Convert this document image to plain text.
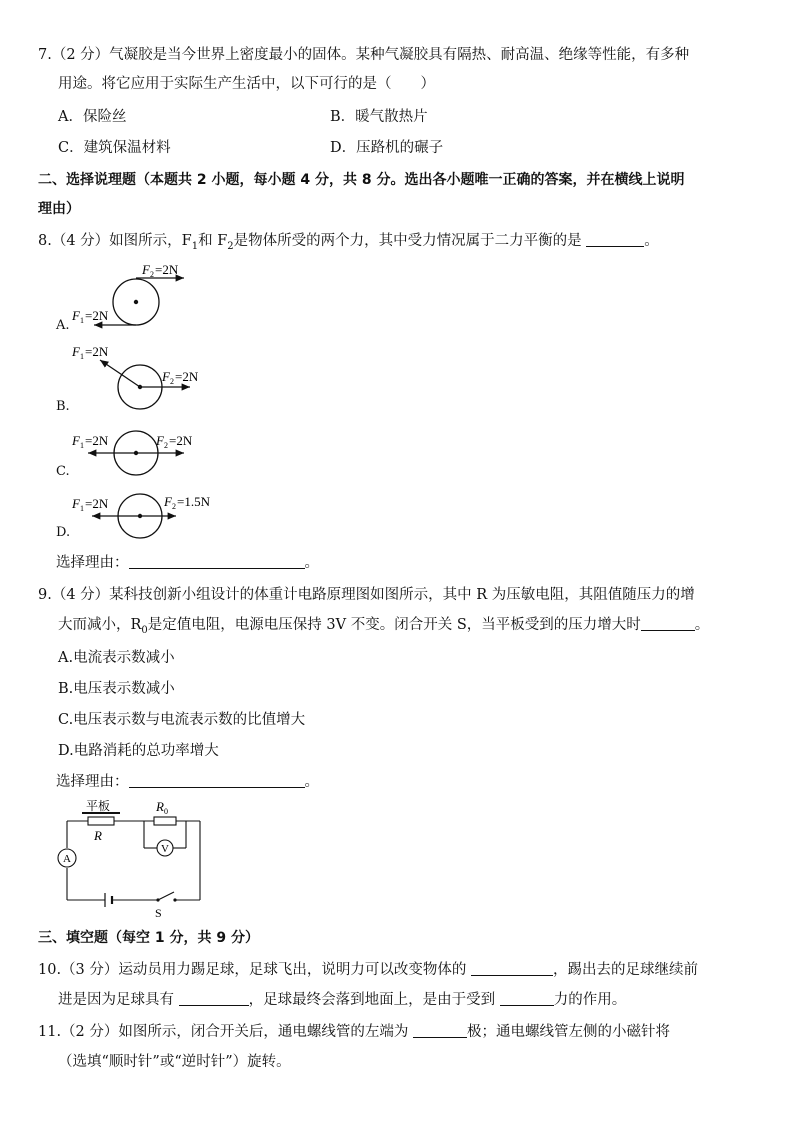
7.（2 分）气凝胶是当今世界上密度最小的固体。某种气凝胶具有隔热、耐高温、绝缘等性能，有多种
用途。将它应用于实际生产生活中，以下可行的是（　　）
A．保险丝	B．暖气散热片
C．建筑保温材料	D．压路机的碾子
二、选择说理题（本题共 2 小题，每小题 4 分，共 8 分。选出各小题唯一正确的答案，并在横线上说明
理由）
8.（4 分）如图所示，$F_1$和 $F_2$是物体所受的两个力，其中受力情况属于二力平衡的是	。
F 2 =2N
F 1 =2N
A.
F 1 =2N
F 2 =2N
B.
F 1 =2N	F 2 =2N
C.
F 1 =2N	F 2 =1.5N
D.
选择理由：	。
9.（4 分）某科技创新小组设计的体重计电路原理图如图所示，其中 R 为压敏电阻，其阻值随压力的增
大而减小，$R_0$是定值电阻，电源电压保持 3V 不变。闭合开关 S，当平板受到的压力增大时	。
A.电流表示数减小
B.电压表示数减小
C.电压表示数与电流表示数的比值增大
D.电路消耗的总功率增大
选择理由：	。
平板
R
R 0
V
A
S
三、填空题（每空 1 分，共 9 分）
10.（3 分）运动员用力踢足球，足球飞出，说明力可以改变物体的	，踢出去的足球继续前
进是因为足球具有	，足球最终会落到地面上，是由于受到	力的作用。
11.（2 分）如图所示，闭合开关后，通电螺线管的左端为	极；通电螺线管左侧的小磁针将
（选填“顺时针”或“逆时针”）旋转。
